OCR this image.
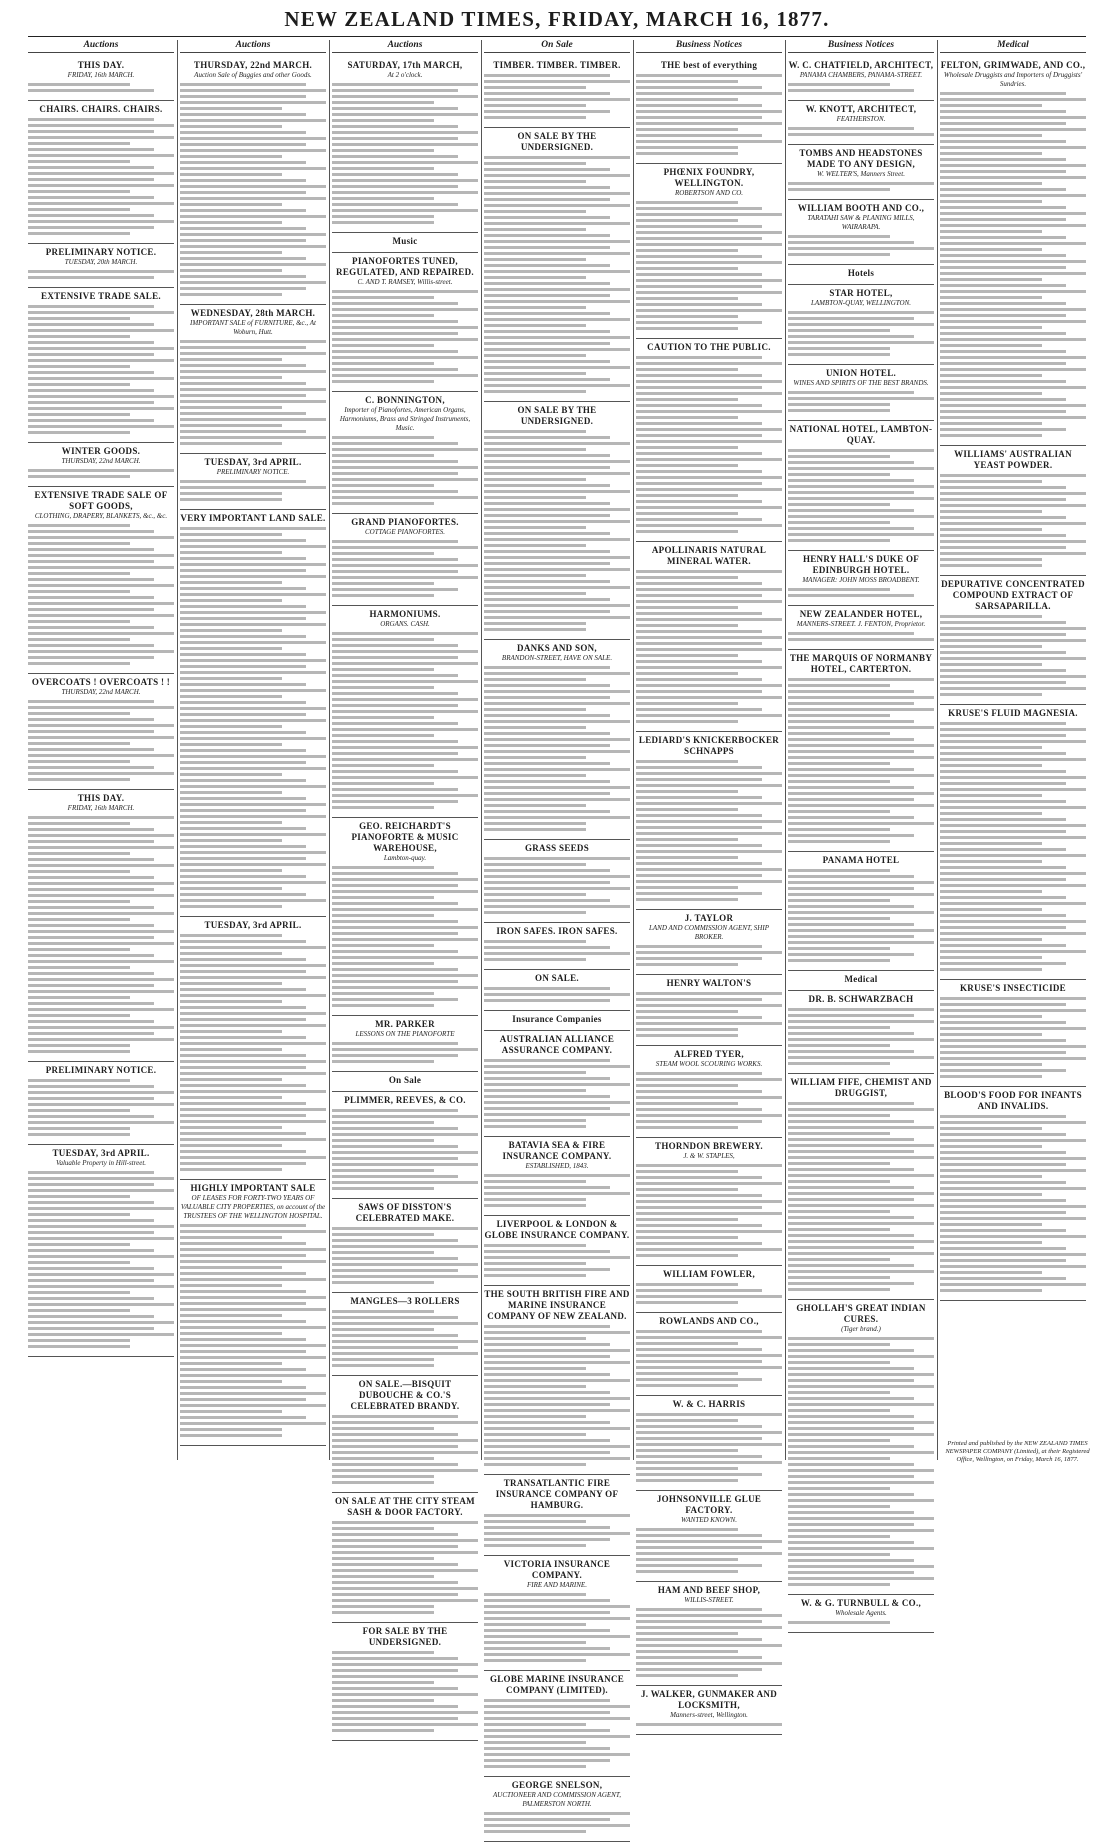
NEW ZEALAND TIMES, FRIDAY, MARCH 16, 1877.
Auctions
THIS DAY.
FRIDAY, 16th MARCH.
CHAIRS. CHAIRS. CHAIRS.
PRELIMINARY NOTICE.
TUESDAY, 20th MARCH.
EXTENSIVE TRADE SALE.
WINTER GOODS.
THURSDAY, 22nd MARCH.
EXTENSIVE TRADE SALE OF SOFT GOODS,
CLOTHING, DRAPERY, BLANKETS, &c., &c.
OVERCOATS ! OVERCOATS ! !
THURSDAY, 22nd MARCH.
THIS DAY.
FRIDAY, 16th MARCH.
PRELIMINARY NOTICE.
TUESDAY, 3rd APRIL.
Valuable Property in Hill-street.
Auctions
THURSDAY, 22nd MARCH.
Auction Sale of Buggies and other Goods.
WEDNESDAY, 28th MARCH.
IMPORTANT SALE of FURNITURE, &c., At Woburn, Hutt.
TUESDAY, 3rd APRIL.
PRELIMINARY NOTICE.
VERY IMPORTANT LAND SALE.
TUESDAY, 3rd APRIL.
HIGHLY IMPORTANT SALE
OF LEASES FOR FORTY-TWO YEARS OF VALUABLE CITY PROPERTIES, on account of the TRUSTEES OF THE WELLINGTON HOSPITAL.
Auctions
SATURDAY, 17th MARCH,
At 2 o'clock.
Music
PIANOFORTES TUNED, REGULATED, AND REPAIRED.
C. AND T. RAMSEY, Willis-street.
C. BONNINGTON,
Importer of Pianofortes, American Organs, Harmoniums, Brass and Stringed Instruments, Music.
GRAND PIANOFORTES.
COTTAGE PIANOFORTES.
HARMONIUMS.
ORGANS. CASH.
GEO. REICHARDT'S PIANOFORTE & MUSIC WAREHOUSE,
Lambton-quay.
MR. PARKER
LESSONS ON THE PIANOFORTE
On Sale
PLIMMER, REEVES, & CO.
SAWS OF DISSTON'S CELEBRATED MAKE.
MANGLES—3 ROLLERS
ON SALE.—BISQUIT DUBOUCHE & CO.'S CELEBRATED BRANDY.
ON SALE AT THE CITY STEAM SASH & DOOR FACTORY.
FOR SALE BY THE UNDERSIGNED.
On Sale
TIMBER. TIMBER. TIMBER.
ON SALE BY THE UNDERSIGNED.
ON SALE BY THE UNDERSIGNED.
DANKS AND SON,
BRANDON-STREET, HAVE ON SALE.
GRASS SEEDS
IRON SAFES. IRON SAFES.
ON SALE.
Insurance Companies
AUSTRALIAN ALLIANCE ASSURANCE COMPANY.
BATAVIA SEA & FIRE INSURANCE COMPANY.
ESTABLISHED, 1843.
LIVERPOOL & LONDON & GLOBE INSURANCE COMPANY.
THE SOUTH BRITISH FIRE AND MARINE INSURANCE COMPANY OF NEW ZEALAND.
TRANSATLANTIC FIRE INSURANCE COMPANY OF HAMBURG.
VICTORIA INSURANCE COMPANY.
FIRE AND MARINE.
GLOBE MARINE INSURANCE COMPANY (LIMITED).
GEORGE SNELSON,
AUCTIONEER AND COMMISSION AGENT, PALMERSTON NORTH.
Business Notices
THE best of everything
PHŒNIX FOUNDRY, WELLINGTON.
ROBERTSON AND CO.
CAUTION TO THE PUBLIC.
APOLLINARIS NATURAL MINERAL WATER.
LEDIARD'S KNICKERBOCKER SCHNAPPS
J. TAYLOR
LAND AND COMMISSION AGENT, SHIP BROKER.
HENRY WALTON'S
ALFRED TYER,
STEAM WOOL SCOURING WORKS.
THORNDON BREWERY.
J. & W. STAPLES,
WILLIAM FOWLER,
ROWLANDS AND CO.,
W. & C. HARRIS
JOHNSONVILLE GLUE FACTORY.
WANTED KNOWN.
HAM AND BEEF SHOP,
WILLIS-STREET.
J. WALKER, GUNMAKER AND LOCKSMITH,
Manners-street, Wellington.
Business Notices
W. C. CHATFIELD, ARCHITECT,
PANAMA CHAMBERS, PANAMA-STREET.
W. KNOTT, ARCHITECT,
FEATHERSTON.
TOMBS AND HEADSTONES MADE TO ANY DESIGN,
W. WELTER'S, Manners Street.
WILLIAM BOOTH AND CO.,
TARATAHI SAW & PLANING MILLS, WAIRARAPA.
Hotels
STAR HOTEL,
LAMBTON-QUAY, WELLINGTON.
UNION HOTEL.
WINES AND SPIRITS OF THE BEST BRANDS.
NATIONAL HOTEL, LAMBTON-QUAY.
HENRY HALL'S DUKE OF EDINBURGH HOTEL.
MANAGER: JOHN MOSS BROADBENT.
NEW ZEALANDER HOTEL,
MANNERS-STREET. J. FENTON, Proprietor.
THE MARQUIS OF NORMANBY HOTEL, CARTERTON.
PANAMA HOTEL
Medical
DR. B. SCHWARZBACH
WILLIAM FIFE, CHEMIST AND DRUGGIST,
GHOLLAH'S GREAT INDIAN CURES.
(Tiger brand.)
W. & G. TURNBULL & CO.,
Wholesale Agents.
Medical
FELTON, GRIMWADE, AND CO.,
Wholesale Druggists and Importers of Druggists' Sundries.
WILLIAMS' AUSTRALIAN YEAST POWDER.
DEPURATIVE CONCENTRATED COMPOUND EXTRACT OF SARSAPARILLA.
KRUSE'S FLUID MAGNESIA.
KRUSE'S INSECTICIDE
BLOOD'S FOOD FOR INFANTS AND INVALIDS.
Printed and published by the NEW ZEALAND TIMES NEWSPAPER COMPANY (Limited), at their Registered Office, Wellington, on Friday, March 16, 1877.
